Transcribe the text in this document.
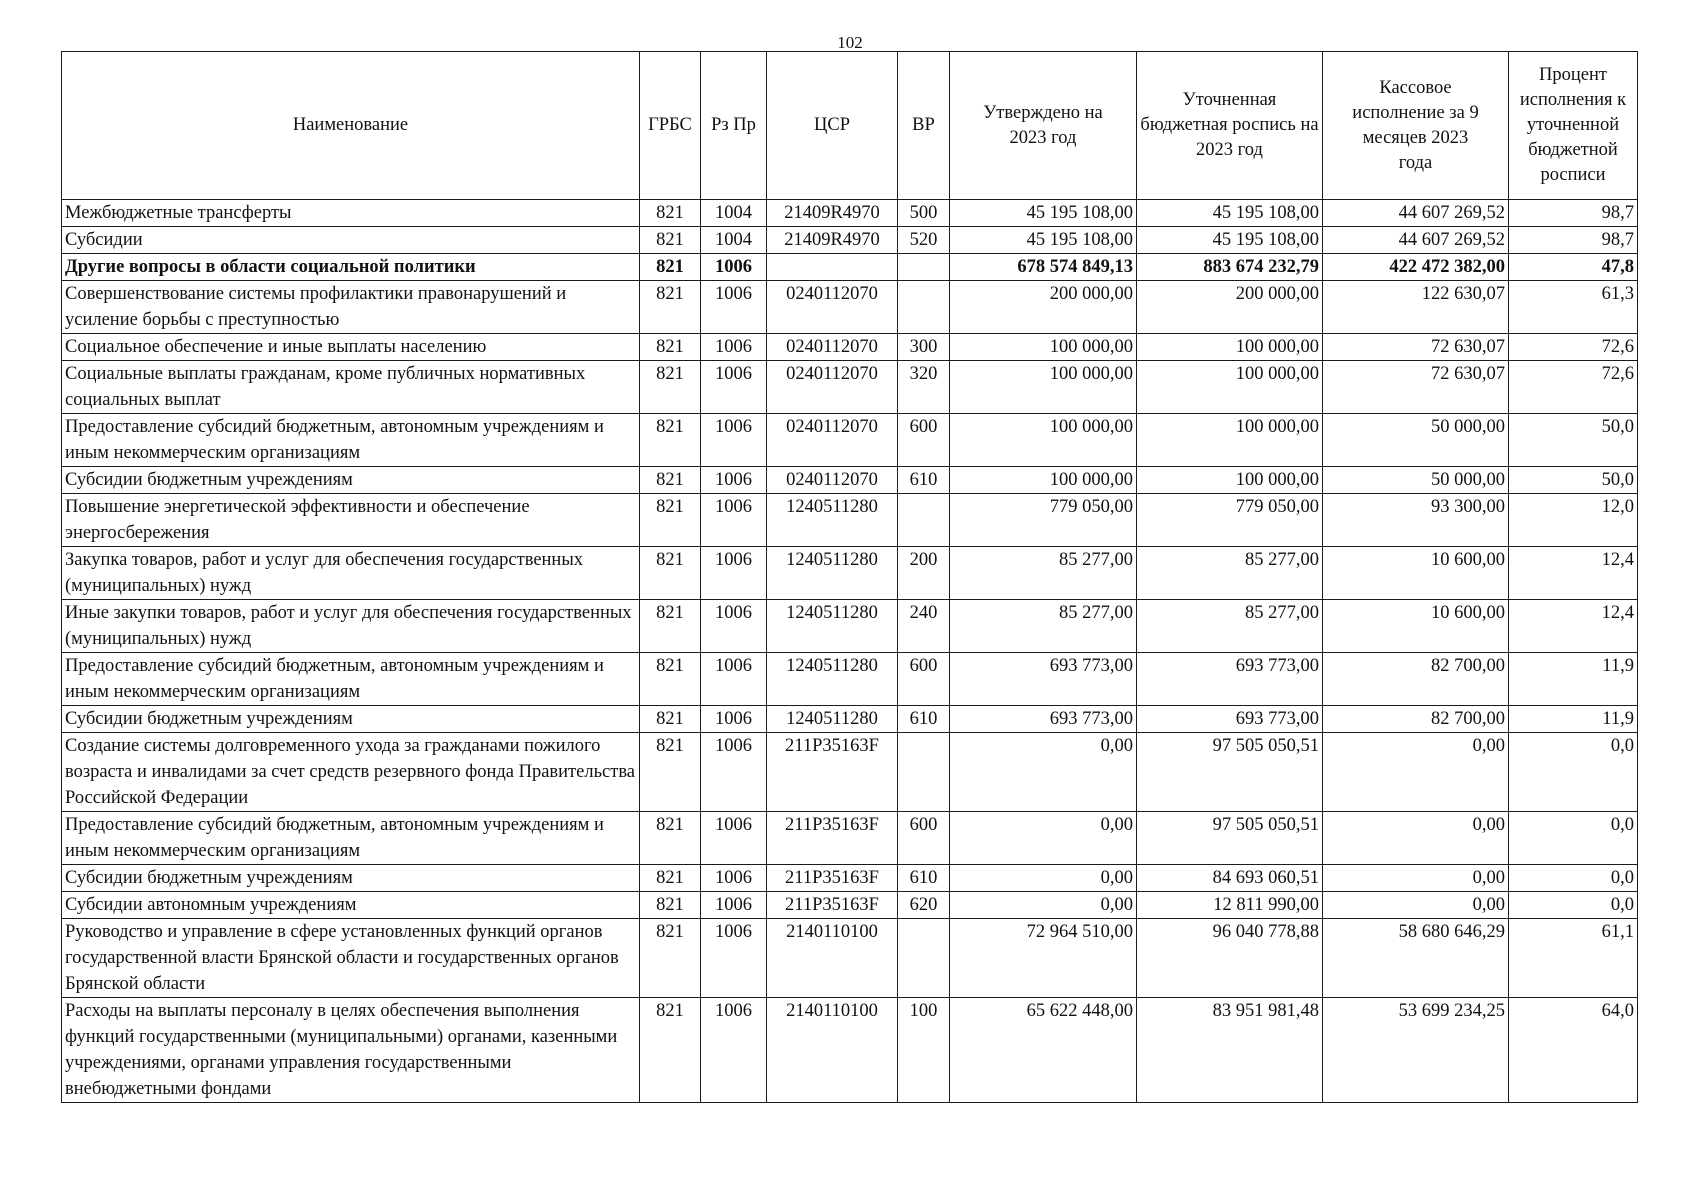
102
Наименование	ГРБС	Рз Пр	ЦСР	ВР	Утверждено на 2023 год	Уточненная бюджетная роспись на 2023 год	Кассовое исполнение за 9 месяцев 2023 года	Процент исполнения к уточненной бюджетной росписи
Межбюджетные трансферты	821	1004	21409R4970	500	45 195 108,00	45 195 108,00	44 607 269,52	98,7
Субсидии	821	1004	21409R4970	520	45 195 108,00	45 195 108,00	44 607 269,52	98,7
Другие вопросы в области социальной политики	821	1006			678 574 849,13	883 674 232,79	422 472 382,00	47,8
Совершенствование системы профилактики правонарушений и усиление борьбы с преступностью	821	1006	0240112070		200 000,00	200 000,00	122 630,07	61,3
Социальное обеспечение и иные выплаты населению	821	1006	0240112070	300	100 000,00	100 000,00	72 630,07	72,6
Социальные выплаты гражданам, кроме публичных нормативных социальных выплат	821	1006	0240112070	320	100 000,00	100 000,00	72 630,07	72,6
Предоставление субсидий бюджетным, автономным учреждениям и иным некоммерческим организациям	821	1006	0240112070	600	100 000,00	100 000,00	50 000,00	50,0
Субсидии бюджетным учреждениям	821	1006	0240112070	610	100 000,00	100 000,00	50 000,00	50,0
Повышение энергетической эффективности и обеспечение энергосбережения	821	1006	1240511280		779 050,00	779 050,00	93 300,00	12,0
Закупка товаров, работ и услуг для обеспечения государственных (муниципальных) нужд	821	1006	1240511280	200	85 277,00	85 277,00	10 600,00	12,4
Иные закупки товаров, работ и услуг для обеспечения государственных (муниципальных) нужд	821	1006	1240511280	240	85 277,00	85 277,00	10 600,00	12,4
Предоставление субсидий бюджетным, автономным учреждениям и иным некоммерческим организациям	821	1006	1240511280	600	693 773,00	693 773,00	82 700,00	11,9
Субсидии бюджетным учреждениям	821	1006	1240511280	610	693 773,00	693 773,00	82 700,00	11,9
Создание системы долговременного ухода за гражданами пожилого возраста и инвалидами за счет средств резервного фонда Правительства Российской Федерации	821	1006	211P35163F		0,00	97 505 050,51	0,00	0,0
Предоставление субсидий бюджетным, автономным учреждениям и иным некоммерческим организациям	821	1006	211P35163F	600	0,00	97 505 050,51	0,00	0,0
Субсидии бюджетным учреждениям	821	1006	211P35163F	610	0,00	84 693 060,51	0,00	0,0
Субсидии автономным учреждениям	821	1006	211P35163F	620	0,00	12 811 990,00	0,00	0,0
Руководство и управление в сфере установленных функций органов государственной власти Брянской области и государственных органов Брянской области	821	1006	2140110100		72 964 510,00	96 040 778,88	58 680 646,29	61,1
Расходы на выплаты персоналу в целях обеспечения выполнения функций государственными (муниципальными) органами, казенными учреждениями, органами управления государственными внебюджетными фондами	821	1006	2140110100	100	65 622 448,00	83 951 981,48	53 699 234,25	64,0
